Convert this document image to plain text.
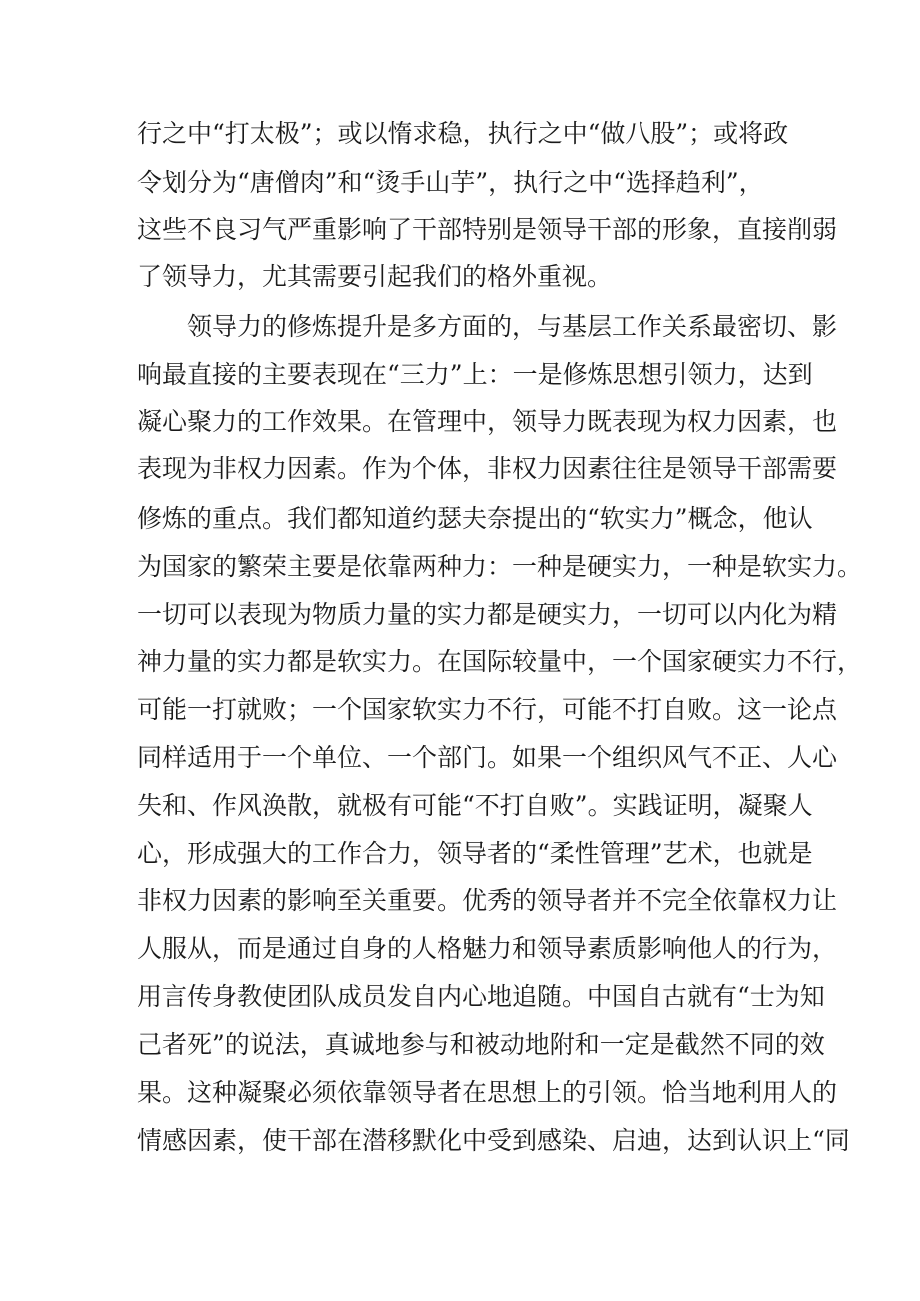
行之中“打太极”；或以惰求稳，执行之中“做八股”；或将政
令划分为“唐僧肉”和“烫手山芋”，执行之中“选择趋利”，
这些不良习气严重影响了干部特别是领导干部的形象，直接削弱
了领导力，尤其需要引起我们的格外重视。
领导力的修炼提升是多方面的，与基层工作关系最密切、影
响最直接的主要表现在“三力”上：一是修炼思想引领力，达到
凝心聚力的工作效果。在管理中，领导力既表现为权力因素，也
表现为非权力因素。作为个体，非权力因素往往是领导干部需要
修炼的重点。我们都知道约瑟夫奈提出的“软实力”概念，他认
为国家的繁荣主要是依靠两种力：一种是硬实力，一种是软实力。
一切可以表现为物质力量的实力都是硬实力，一切可以内化为精
神力量的实力都是软实力。在国际较量中，一个国家硬实力不行，
可能一打就败；一个国家软实力不行，可能不打自败。这一论点
同样适用于一个单位、一个部门。如果一个组织风气不正、人心
失和、作风涣散，就极有可能“不打自败”。实践证明，凝聚人
心，形成强大的工作合力，领导者的“柔性管理”艺术，也就是
非权力因素的影响至关重要。优秀的领导者并不完全依靠权力让
人服从，而是通过自身的人格魅力和领导素质影响他人的行为，
用言传身教使团队成员发自内心地追随。中国自古就有“士为知
己者死”的说法，真诚地参与和被动地附和一定是截然不同的效
果。这种凝聚必须依靠领导者在思想上的引领。恰当地利用人的
情感因素，使干部在潜移默化中受到感染、启迪，达到认识上“同
